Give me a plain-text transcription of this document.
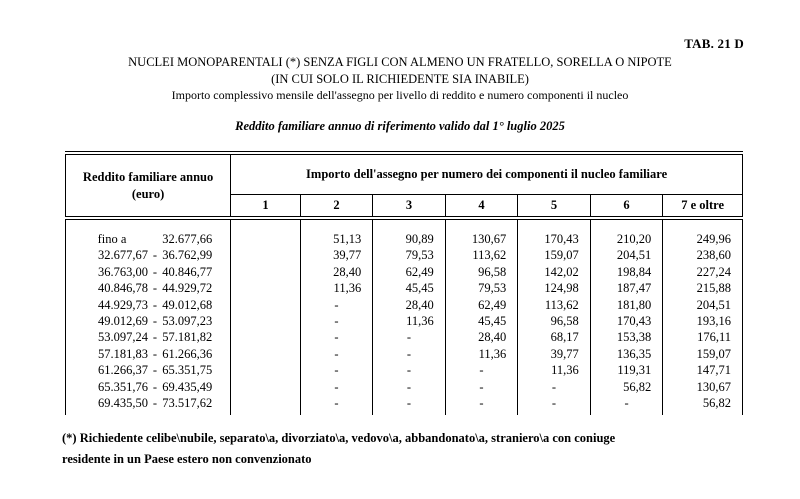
TAB. 21 D
NUCLEI MONOPARENTALI (*) SENZA FIGLI CON ALMENO UN FRATELLO, SORELLA O NIPOTE
(IN CUI SOLO IL RICHIEDENTE SIA INABILE)
Importo complessivo mensile dell'assegno per livello di reddito e numero componenti il nucleo
Reddito familiare annuo di riferimento valido dal 1° luglio 2025
Reddito familiare annuo
(euro)	Importo dell'assegno per numero dei componenti il nucleo familiare						
	1	2	3	4	5	6	7 e oltre

fino a 32.677,66		51,13	90,89	130,67	170,43	210,20	249,96

32.677,67 - 36.762,99		39,77	79,53	113,62	159,07	204,51	238,60

36.763,00 - 40.846,77		28,40	62,49	96,58	142,02	198,84	227,24

40.846,78 - 44.929,72		11,36	45,45	79,53	124,98	187,47	215,88

44.929,73 - 49.012,68		-	28,40	62,49	113,62	181,80	204,51

49.012,69 - 53.097,23		-	11,36	45,45	96,58	170,43	193,16

53.097,24 - 57.181,82		-	-	28,40	68,17	153,38	176,11

57.181,83 - 61.266,36		-	-	11,36	39,77	136,35	159,07

61.266,37 - 65.351,75		-	-	-	11,36	119,31	147,71

65.351,76 - 69.435,49		-	-	-	-	56,82	130,67

69.435,50 - 73.517,62		-	-	-	-	-	56,82
(*) Richiedente celibe\nubile, separato\a, divorziato\a, vedovo\a, abbandonato\a, straniero\a con coniuge
residente in un Paese estero non convenzionato
